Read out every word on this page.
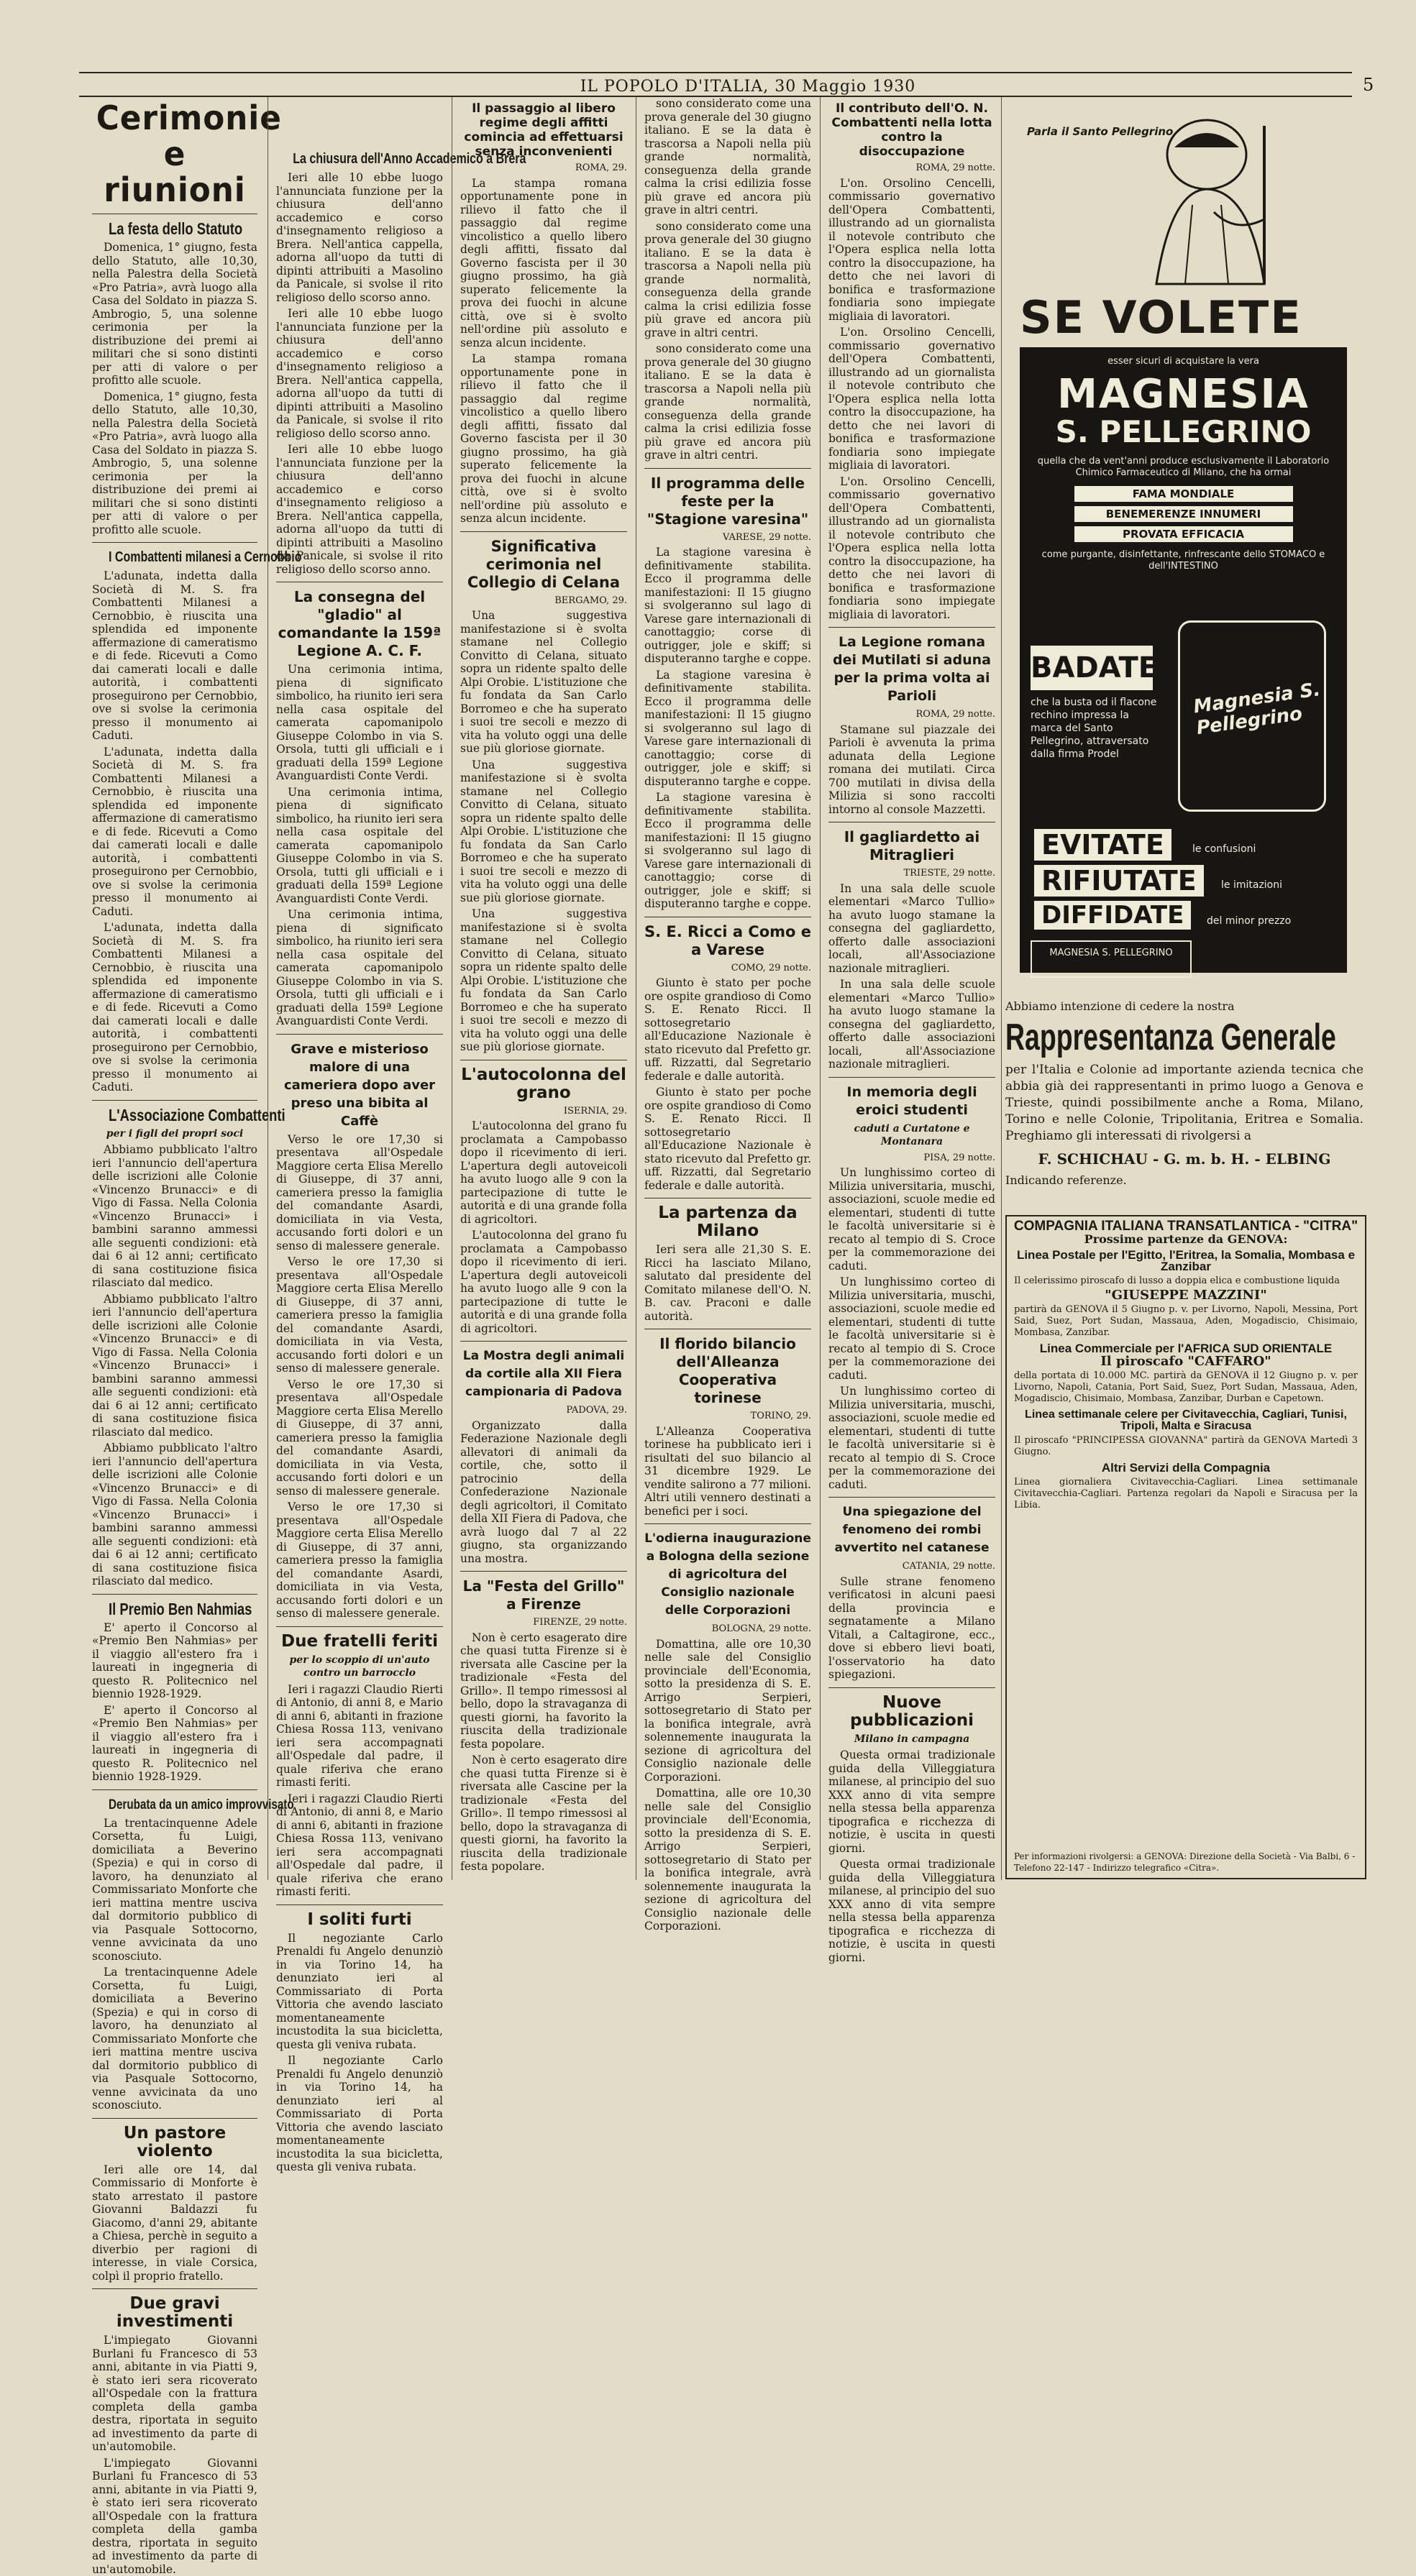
IL POPOLO D'ITALIA, 30 Maggio 1930	5
Cerimonie e riunioni
La festa dello Statuto

Domenica, 1° giugno, festa dello Statuto, alle 10,30, nella Palestra della Società «Pro Patria», avrà luogo alla Casa del Soldato in piazza S. Ambrogio, 5, una solenne cerimonia per la distribuzione dei premi ai militari che si sono distinti per atti di valore o per profitto alle scuole.

Domenica, 1° giugno, festa dello Statuto, alle 10,30, nella Palestra della Società «Pro Patria», avrà luogo alla Casa del Soldato in piazza S. Ambrogio, 5, una solenne cerimonia per la distribuzione dei premi ai militari che si sono distinti per atti di valore o per profitto alle scuole.

I Combattenti milanesi a Cernobbio

L'adunata, indetta dalla Società di M. S. fra Combattenti Milanesi a Cernobbio, è riuscita una splendida ed imponente affermazione di cameratismo e di fede. Ricevuti a Como dai camerati locali e dalle autorità, i combattenti proseguirono per Cernobbio, ove si svolse la cerimonia presso il monumento ai Caduti.

L'adunata, indetta dalla Società di M. S. fra Combattenti Milanesi a Cernobbio, è riuscita una splendida ed imponente affermazione di cameratismo e di fede. Ricevuti a Como dai camerati locali e dalle autorità, i combattenti proseguirono per Cernobbio, ove si svolse la cerimonia presso il monumento ai Caduti.

L'adunata, indetta dalla Società di M. S. fra Combattenti Milanesi a Cernobbio, è riuscita una splendida ed imponente affermazione di cameratismo e di fede. Ricevuti a Como dai camerati locali e dalle autorità, i combattenti proseguirono per Cernobbio, ove si svolse la cerimonia presso il monumento ai Caduti.

L'Associazione Combattenti
per i figli dei propri soci

Abbiamo pubblicato l'altro ieri l'annuncio dell'apertura delle iscrizioni alle Colonie «Vincenzo Brunacci» e di Vigo di Fassa. Nella Colonia «Vincenzo Brunacci» i bambini saranno ammessi alle seguenti condizioni: età dai 6 ai 12 anni; certificato di sana costituzione fisica rilasciato dal medico.

Abbiamo pubblicato l'altro ieri l'annuncio dell'apertura delle iscrizioni alle Colonie «Vincenzo Brunacci» e di Vigo di Fassa. Nella Colonia «Vincenzo Brunacci» i bambini saranno ammessi alle seguenti condizioni: età dai 6 ai 12 anni; certificato di sana costituzione fisica rilasciato dal medico.

Abbiamo pubblicato l'altro ieri l'annuncio dell'apertura delle iscrizioni alle Colonie «Vincenzo Brunacci» e di Vigo di Fassa. Nella Colonia «Vincenzo Brunacci» i bambini saranno ammessi alle seguenti condizioni: età dai 6 ai 12 anni; certificato di sana costituzione fisica rilasciato dal medico.

Il Premio Ben Nahmias

E' aperto il Concorso al «Premio Ben Nahmias» per il viaggio all'estero fra i laureati in ingegneria di questo R. Politecnico nel biennio 1928-1929.

E' aperto il Concorso al «Premio Ben Nahmias» per il viaggio all'estero fra i laureati in ingegneria di questo R. Politecnico nel biennio 1928-1929.

Derubata da un amico improvvisato

La trentacinquenne Adele Corsetta, fu Luigi, domiciliata a Beverino (Spezia) e qui in corso di lavoro, ha denunziato al Commissariato Monforte che ieri mattina mentre usciva dal dormitorio pubblico di via Pasquale Sottocorno, venne avvicinata da uno sconosciuto.

La trentacinquenne Adele Corsetta, fu Luigi, domiciliata a Beverino (Spezia) e qui in corso di lavoro, ha denunziato al Commissariato Monforte che ieri mattina mentre usciva dal dormitorio pubblico di via Pasquale Sottocorno, venne avvicinata da uno sconosciuto.

Un pastore violento

Ieri alle ore 14, dal Commissario di Monforte è stato arrestato il pastore Giovanni Baldazzi fu Giacomo, d'anni 29, abitante a Chiesa, perchè in seguito a diverbio per ragioni di interesse, in viale Corsica, colpì il proprio fratello.

Due gravi investimenti

L'impiegato Giovanni Burlani fu Francesco di 53 anni, abitante in via Piatti 9, è stato ieri sera ricoverato all'Ospedale con la frattura completa della gamba destra, riportata in seguito ad investimento da parte di un'automobile.

L'impiegato Giovanni Burlani fu Francesco di 53 anni, abitante in via Piatti 9, è stato ieri sera ricoverato all'Ospedale con la frattura completa della gamba destra, riportata in seguito ad investimento da parte di un'automobile.

La chiusura dell'Anno Accademico a Brera

Ieri alle 10 ebbe luogo l'annunciata funzione per la chiusura dell'anno accademico e corso d'insegnamento religioso a Brera. Nell'antica cappella, adorna all'uopo da tutti di dipinti attribuiti a Masolino da Panicale, si svolse il rito religioso dello scorso anno.

Ieri alle 10 ebbe luogo l'annunciata funzione per la chiusura dell'anno accademico e corso d'insegnamento religioso a Brera. Nell'antica cappella, adorna all'uopo da tutti di dipinti attribuiti a Masolino da Panicale, si svolse il rito religioso dello scorso anno.

Ieri alle 10 ebbe luogo l'annunciata funzione per la chiusura dell'anno accademico e corso d'insegnamento religioso a Brera. Nell'antica cappella, adorna all'uopo da tutti di dipinti attribuiti a Masolino da Panicale, si svolse il rito religioso dello scorso anno.

La consegna del "gladio" al comandante la 159ª Legione A. C. F.

Una cerimonia intima, piena di significato simbolico, ha riunito ieri sera nella casa ospitale del camerata capomanipolo Giuseppe Colombo in via S. Orsola, tutti gli ufficiali e i graduati della 159ª Legione Avanguardisti Conte Verdi.

Una cerimonia intima, piena di significato simbolico, ha riunito ieri sera nella casa ospitale del camerata capomanipolo Giuseppe Colombo in via S. Orsola, tutti gli ufficiali e i graduati della 159ª Legione Avanguardisti Conte Verdi.

Una cerimonia intima, piena di significato simbolico, ha riunito ieri sera nella casa ospitale del camerata capomanipolo Giuseppe Colombo in via S. Orsola, tutti gli ufficiali e i graduati della 159ª Legione Avanguardisti Conte Verdi.

Grave e misterioso malore di una cameriera dopo aver preso una bibita al Caffè

Verso le ore 17,30 si presentava all'Ospedale Maggiore certa Elisa Merello di Giuseppe, di 37 anni, cameriera presso la famiglia del comandante Asardi, domiciliata in via Vesta, accusando forti dolori e un senso di malessere generale.

Verso le ore 17,30 si presentava all'Ospedale Maggiore certa Elisa Merello di Giuseppe, di 37 anni, cameriera presso la famiglia del comandante Asardi, domiciliata in via Vesta, accusando forti dolori e un senso di malessere generale.

Verso le ore 17,30 si presentava all'Ospedale Maggiore certa Elisa Merello di Giuseppe, di 37 anni, cameriera presso la famiglia del comandante Asardi, domiciliata in via Vesta, accusando forti dolori e un senso di malessere generale.

Verso le ore 17,30 si presentava all'Ospedale Maggiore certa Elisa Merello di Giuseppe, di 37 anni, cameriera presso la famiglia del comandante Asardi, domiciliata in via Vesta, accusando forti dolori e un senso di malessere generale.

Due fratelli feriti
per lo scoppio di un'auto contro un barrocclo

Ieri i ragazzi Claudio Rierti di Antonio, di anni 8, e Mario di anni 6, abitanti in frazione Chiesa Rossa 113, venivano ieri sera accompagnati all'Ospedale dal padre, il quale riferiva che erano rimasti feriti.

Ieri i ragazzi Claudio Rierti di Antonio, di anni 8, e Mario di anni 6, abitanti in frazione Chiesa Rossa 113, venivano ieri sera accompagnati all'Ospedale dal padre, il quale riferiva che erano rimasti feriti.

I soliti furti

Il negoziante Carlo Prenaldi fu Angelo denunziò in via Torino 14, ha denunziato ieri al Commissariato di Porta Vittoria che avendo lasciato momentaneamente incustodita la sua bicicletta, questa gli veniva rubata.

Il negoziante Carlo Prenaldi fu Angelo denunziò in via Torino 14, ha denunziato ieri al Commissariato di Porta Vittoria che avendo lasciato momentaneamente incustodita la sua bicicletta, questa gli veniva rubata.

Il passaggio al libero regime degli affitti comincia ad effettuarsi senza inconvenienti
ROMA, 29.

La stampa romana opportunamente pone in rilievo il fatto che il passaggio dal regime vincolistico a quello libero degli affitti, fissato dal Governo fascista per il 30 giugno prossimo, ha già superato felicemente la prova dei fuochi in alcune città, ove si è svolto nell'ordine più assoluto e senza alcun incidente.

La stampa romana opportunamente pone in rilievo il fatto che il passaggio dal regime vincolistico a quello libero degli affitti, fissato dal Governo fascista per il 30 giugno prossimo, ha già superato felicemente la prova dei fuochi in alcune città, ove si è svolto nell'ordine più assoluto e senza alcun incidente.

Significativa cerimonia nel Collegio di Celana
BERGAMO, 29.

Una suggestiva manifestazione si è svolta stamane nel Collegio Convitto di Celana, situato sopra un ridente spalto delle Alpi Orobie. L'istituzione che fu fondata da San Carlo Borromeo e che ha superato i suoi tre secoli e mezzo di vita ha voluto oggi una delle sue più gloriose giornate.

Una suggestiva manifestazione si è svolta stamane nel Collegio Convitto di Celana, situato sopra un ridente spalto delle Alpi Orobie. L'istituzione che fu fondata da San Carlo Borromeo e che ha superato i suoi tre secoli e mezzo di vita ha voluto oggi una delle sue più gloriose giornate.

Una suggestiva manifestazione si è svolta stamane nel Collegio Convitto di Celana, situato sopra un ridente spalto delle Alpi Orobie. L'istituzione che fu fondata da San Carlo Borromeo e che ha superato i suoi tre secoli e mezzo di vita ha voluto oggi una delle sue più gloriose giornate.

L'autocolonna del grano
ISERNIA, 29.

L'autocolonna del grano fu proclamata a Campobasso dopo il ricevimento di ieri. L'apertura degli autoveicoli ha avuto luogo alle 9 con la partecipazione di tutte le autorità e di una grande folla di agricoltori.

L'autocolonna del grano fu proclamata a Campobasso dopo il ricevimento di ieri. L'apertura degli autoveicoli ha avuto luogo alle 9 con la partecipazione di tutte le autorità e di una grande folla di agricoltori.

La Mostra degli animali da cortile alla XII Fiera campionaria di Padova
PADOVA, 29.

Organizzato dalla Federazione Nazionale degli allevatori di animali da cortile, che, sotto il patrocinio della Confederazione Nazionale degli agricoltori, il Comitato della XII Fiera di Padova, che avrà luogo dal 7 al 22 giugno, sta organizzando una mostra.

La "Festa del Grillo" a Firenze
FIRENZE, 29 notte.

Non è certo esagerato dire che quasi tutta Firenze si è riversata alle Cascine per la tradizionale «Festa del Grillo». Il tempo rimessosi al bello, dopo la stravaganza di questi giorni, ha favorito la riuscita della tradizionale festa popolare.

Non è certo esagerato dire che quasi tutta Firenze si è riversata alle Cascine per la tradizionale «Festa del Grillo». Il tempo rimessosi al bello, dopo la stravaganza di questi giorni, ha favorito la riuscita della tradizionale festa popolare.

sono considerato come una prova generale del 30 giugno italiano. E se la data è trascorsa a Napoli nella più grande normalità, conseguenza della grande calma la crisi edilizia fosse più grave ed ancora più grave in altri centri.

sono considerato come una prova generale del 30 giugno italiano. E se la data è trascorsa a Napoli nella più grande normalità, conseguenza della grande calma la crisi edilizia fosse più grave ed ancora più grave in altri centri.

sono considerato come una prova generale del 30 giugno italiano. E se la data è trascorsa a Napoli nella più grande normalità, conseguenza della grande calma la crisi edilizia fosse più grave ed ancora più grave in altri centri.

Il programma delle feste per la "Stagione varesina"
VARESE, 29 notte.

La stagione varesina è definitivamente stabilita. Ecco il programma delle manifestazioni: Il 15 giugno si svolgeranno sul lago di Varese gare internazionali di canottaggio; corse di outrigger, jole e skiff; si disputeranno targhe e coppe.

La stagione varesina è definitivamente stabilita. Ecco il programma delle manifestazioni: Il 15 giugno si svolgeranno sul lago di Varese gare internazionali di canottaggio; corse di outrigger, jole e skiff; si disputeranno targhe e coppe.

La stagione varesina è definitivamente stabilita. Ecco il programma delle manifestazioni: Il 15 giugno si svolgeranno sul lago di Varese gare internazionali di canottaggio; corse di outrigger, jole e skiff; si disputeranno targhe e coppe.

S. E. Ricci a Como e a Varese
COMO, 29 notte.

Giunto è stato per poche ore ospite grandioso di Como S. E. Renato Ricci. Il sottosegretario all'Educazione Nazionale è stato ricevuto dal Prefetto gr. uff. Rizzatti, dal Segretario federale e dalle autorità.

Giunto è stato per poche ore ospite grandioso di Como S. E. Renato Ricci. Il sottosegretario all'Educazione Nazionale è stato ricevuto dal Prefetto gr. uff. Rizzatti, dal Segretario federale e dalle autorità.

La partenza da Milano

Ieri sera alle 21,30 S. E. Ricci ha lasciato Milano, salutato dal presidente del Comitato milanese dell'O. N. B. cav. Praconi e dalle autorità.

Il florido bilancio dell'Alleanza Cooperativa torinese
TORINO, 29.

L'Alleanza Cooperativa torinese ha pubblicato ieri i risultati del suo bilancio al 31 dicembre 1929. Le vendite salirono a 77 milioni. Altri utili vennero destinati a benefici per i soci.

L'odierna inaugurazione a Bologna della sezione di agricoltura del Consiglio nazionale delle Corporazioni
BOLOGNA, 29 notte.

Domattina, alle ore 10,30 nelle sale del Consiglio provinciale dell'Economia, sotto la presidenza di S. E. Arrigo Serpieri, sottosegretario di Stato per la bonifica integrale, avrà solennemente inaugurata la sezione di agricoltura del Consiglio nazionale delle Corporazioni.

Domattina, alle ore 10,30 nelle sale del Consiglio provinciale dell'Economia, sotto la presidenza di S. E. Arrigo Serpieri, sottosegretario di Stato per la bonifica integrale, avrà solennemente inaugurata la sezione di agricoltura del Consiglio nazionale delle Corporazioni.

Il contributo dell'O. N. Combattenti nella lotta contro la disoccupazione
ROMA, 29 notte.

L'on. Orsolino Cencelli, commissario governativo dell'Opera Combattenti, illustrando ad un giornalista il notevole contributo che l'Opera esplica nella lotta contro la disoccupazione, ha detto che nei lavori di bonifica e trasformazione fondiaria sono impiegate migliaia di lavoratori.

L'on. Orsolino Cencelli, commissario governativo dell'Opera Combattenti, illustrando ad un giornalista il notevole contributo che l'Opera esplica nella lotta contro la disoccupazione, ha detto che nei lavori di bonifica e trasformazione fondiaria sono impiegate migliaia di lavoratori.

L'on. Orsolino Cencelli, commissario governativo dell'Opera Combattenti, illustrando ad un giornalista il notevole contributo che l'Opera esplica nella lotta contro la disoccupazione, ha detto che nei lavori di bonifica e trasformazione fondiaria sono impiegate migliaia di lavoratori.

La Legione romana dei Mutilati si aduna per la prima volta ai Parioli
ROMA, 29 notte.

Stamane sul piazzale dei Parioli è avvenuta la prima adunata della Legione romana dei mutilati. Circa 700 mutilati in divisa della Milizia si sono raccolti intorno al console Mazzetti.

Il gagliardetto ai Mitraglieri
TRIESTE, 29 notte.

In una sala delle scuole elementari «Marco Tullio» ha avuto luogo stamane la consegna del gagliardetto, offerto dalle associazioni locali, all'Associazione nazionale mitraglieri.

In una sala delle scuole elementari «Marco Tullio» ha avuto luogo stamane la consegna del gagliardetto, offerto dalle associazioni locali, all'Associazione nazionale mitraglieri.

In memoria degli eroici studenti
caduti a Curtatone e Montanara
PISA, 29 notte.

Un lunghissimo corteo di Milizia universitaria, muschi, associazioni, scuole medie ed elementari, studenti di tutte le facoltà universitarie si è recato al tempio di S. Croce per la commemorazione dei caduti.

Un lunghissimo corteo di Milizia universitaria, muschi, associazioni, scuole medie ed elementari, studenti di tutte le facoltà universitarie si è recato al tempio di S. Croce per la commemorazione dei caduti.

Un lunghissimo corteo di Milizia universitaria, muschi, associazioni, scuole medie ed elementari, studenti di tutte le facoltà universitarie si è recato al tempio di S. Croce per la commemorazione dei caduti.

Una spiegazione del fenomeno dei rombi avvertito nel catanese
CATANIA, 29 notte.

Sulle strane fenomeno verificatosi in alcuni paesi della provincia e segnatamente a Milano Vitali, a Caltagirone, ecc., dove si ebbero lievi boati, l'osservatorio ha dato spiegazioni.

Nuove pubblicazioni
Milano in campagna

Questa ormai tradizionale guida della Villeggiatura milanese, al principio del suo XXX anno di vita sempre nella stessa bella apparenza tipografica e ricchezza di notizie, è uscita in questi giorni.

Questa ormai tradizionale guida della Villeggiatura milanese, al principio del suo XXX anno di vita sempre nella stessa bella apparenza tipografica e ricchezza di notizie, è uscita in questi giorni.

Parla il Santo Pellegrino
SE VOLETE
esser sicuri di acquistare la vera
MAGNESIA
S. PELLEGRINO
quella che da vent'anni produce esclusivamente il Laboratorio Chimico Farmaceutico di Milano, che ha ormai
FAMA MONDIALE
BENEMERENZE INNUMERI
PROVATA EFFICACIA
come purgante, disinfettante, rinfrescante dello STOMACO e dell'INTESTINO
BADATE
che la busta od il flacone rechino impressa la marca del Santo Pellegrino, attraversato dalla firma Prodel
Magnesia S. Pellegrino
EVITATE	le confusioni
RIFIUTATE	le imitazioni
DIFFIDATE	del minor prezzo
MAGNESIA S. PELLEGRINO
Abbiamo intenzione di cedere la nostra
Rappresentanza Generale
per l'Italia e Colonie ad importante azienda tecnica che abbia già dei rappresentanti in primo luogo a Genova e Trieste, quindi possibilmente anche a Roma, Milano, Torino e nelle Colonie, Tripolitania, Eritrea e Somalia. Preghiamo gli interessati di rivolgersi a
F. SCHICHAU - G. m. b. H. - ELBING
Indicando referenze.
COMPAGNIA ITALIANA TRANSATLANTICA - "CITRA"
Prossime partenze da GENOVA:
Linea Postale per l'Egitto, l'Eritrea, la Somalia, Mombasa e Zanzibar

Il celerissimo piroscafo di lusso a doppia elica e combustione liquida

"GIUSEPPE MAZZINI"

partirà da GENOVA il 5 Giugno p. v. per Livorno, Napoli, Messina, Port Said, Suez, Port Sudan, Massaua, Aden, Mogadiscio, Chisimaio, Mombasa, Zanzibar.

Linea Commerciale per l'AFRICA SUD ORIENTALE
Il piroscafo "CAFFARO"

della portata di 10.000 MC. partirà da GENOVA il 12 Giugno p. v. per Livorno, Napoli, Catania, Port Said, Suez, Port Sudan, Massaua, Aden, Mogadiscio, Chisimaio, Mombasa, Zanzibar, Durban e Capetown.

Linea settimanale celere per Civitavecchia, Cagliari, Tunisi, Tripoli, Malta e Siracusa

Il piroscafo "PRINCIPESSA GIOVANNA" partirà da GENOVA Martedì 3 Giugno.

Altri Servizi della Compagnia

Linea giornaliera Civitavecchia-Cagliari. Linea settimanale Civitavecchia-Cagliari. Partenza regolari da Napoli e Siracusa per la Libia.

Per informazioni rivolgersi: a GENOVA: Direzione della Società - Via Balbi, 6 - Telefono 22-147 - Indirizzo telegrafico «Citra».
